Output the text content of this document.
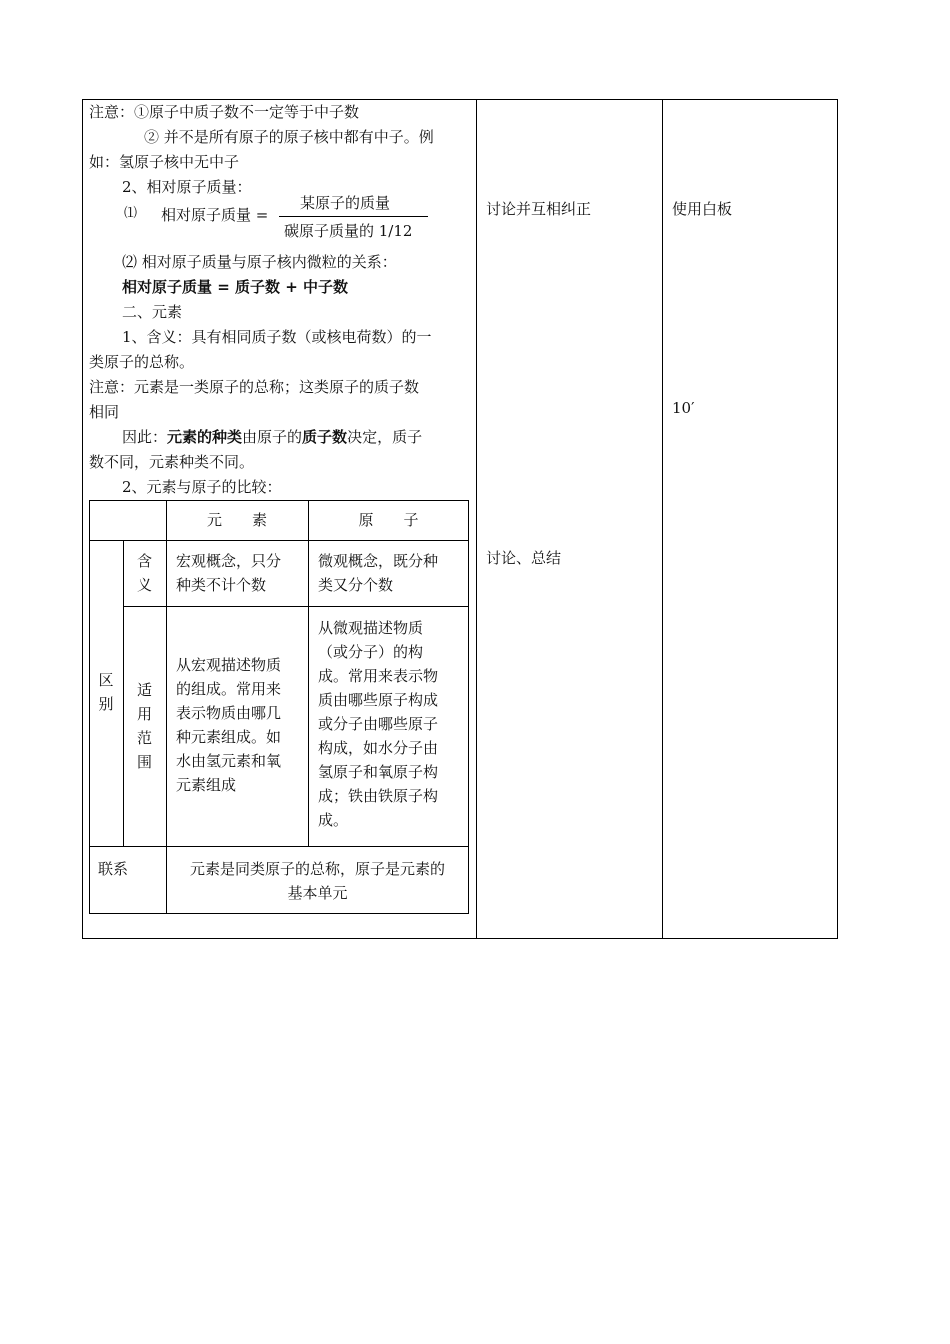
注意：①原子中质子数不一定等于中子数
② 并不是所有原子的原子核中都有中子。例
如：氢原子核中无中子
2、相对原子质量：
⑴ 相对原子质量 =
某原子的质量
碳原子质量的 1/12
⑵ 相对原子质量与原子核内微粒的关系：
相对原子质量 = 质子数 + 中子数
二、元素
1、含义：具有相同质子数（或核电荷数）的一
类原子的总称。
注意：元素是一类原子的总称；这类原子的质子数
相同
因此：元素的种类由原子的质子数决定，质子
数不同，元素种类不同。
2、元素与原子的比较：
元　　素	原　　子
区
别
含
义
宏观概念，只分
种类不计个数
微观概念，既分种
类又分个数
适
用
范
围
从宏观描述物质
的组成。常用来
表示物质由哪几
种元素组成。如
水由氢元素和氧
元素组成
从微观描述物质
（或分子）的构
成。常用来表示物
质由哪些原子构成
或分子由哪些原子
构成，如水分子由
氢原子和氧原子构
成；铁由铁原子构
成。
联系	元素是同类原子的总称，原子是元素的
基本单元
讨论并互相纠正
讨论、总结
使用白板
10′
